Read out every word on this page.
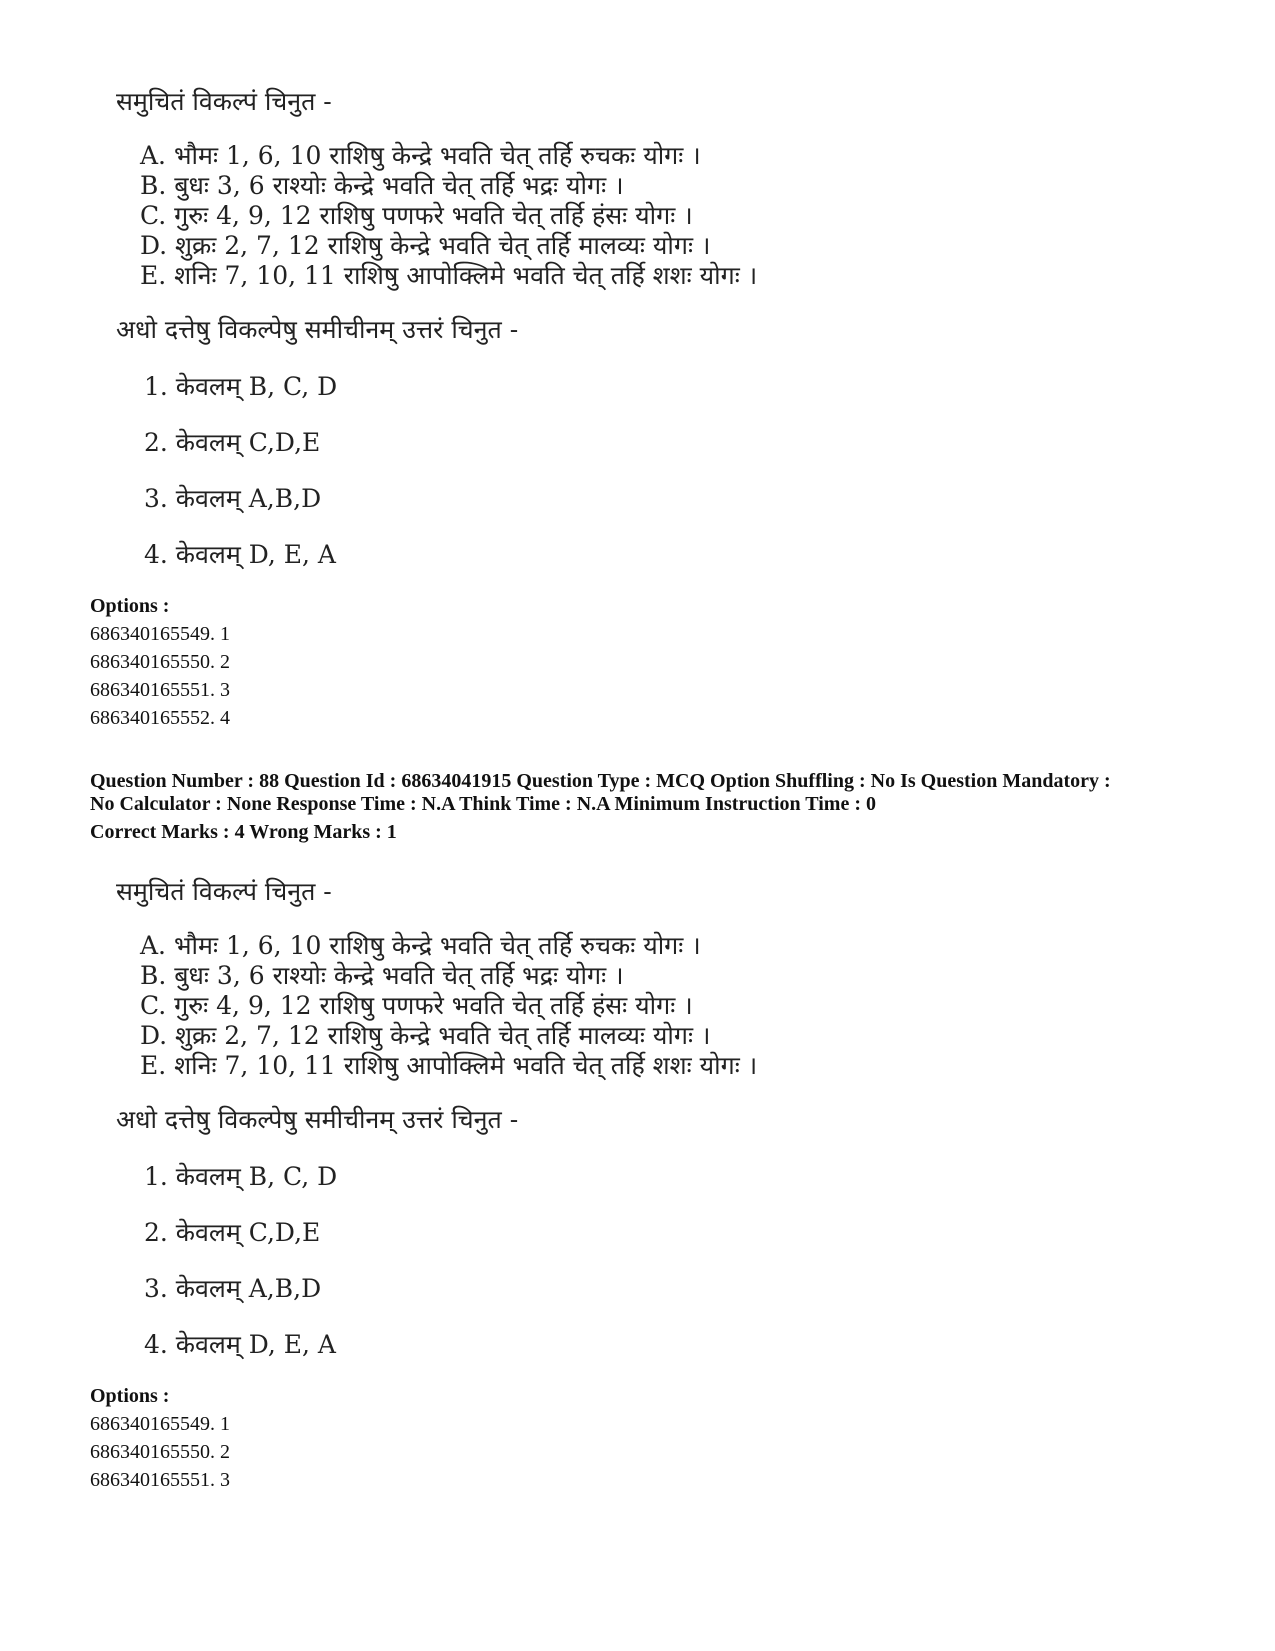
समुचितं विकल्पं चिनुत -
A. भौमः 1, 6, 10 राशिषु केन्द्रे भवति चेत् तर्हि रुचकः योगः ।
B. बुधः 3, 6 राश्योः केन्द्रे भवति चेत् तर्हि भद्रः योगः ।
C. गुरुः 4, 9, 12 राशिषु पणफरे भवति चेत् तर्हि हंसः योगः ।
D. शुक्रः 2, 7, 12 राशिषु केन्द्रे भवति चेत् तर्हि मालव्यः योगः ।
E. शनिः 7, 10, 11 राशिषु आपोक्लिमे भवति चेत् तर्हि शशः योगः ।
अधो दत्तेषु विकल्पेषु समीचीनम् उत्तरं चिनुत -
1. केवलम् B, C, D
2. केवलम् C,D,E
3. केवलम् A,B,D
4. केवलम् D, E, A
Options :
686340165549. 1
686340165550. 2
686340165551. 3
686340165552. 4
Question Number : 88 Question Id : 68634041915 Question Type : MCQ Option Shuffling : No Is Question Mandatory :
No Calculator : None Response Time : N.A Think Time : N.A Minimum Instruction Time : 0
Correct Marks : 4 Wrong Marks : 1
समुचितं विकल्पं चिनुत -
A. भौमः 1, 6, 10 राशिषु केन्द्रे भवति चेत् तर्हि रुचकः योगः ।
B. बुधः 3, 6 राश्योः केन्द्रे भवति चेत् तर्हि भद्रः योगः ।
C. गुरुः 4, 9, 12 राशिषु पणफरे भवति चेत् तर्हि हंसः योगः ।
D. शुक्रः 2, 7, 12 राशिषु केन्द्रे भवति चेत् तर्हि मालव्यः योगः ।
E. शनिः 7, 10, 11 राशिषु आपोक्लिमे भवति चेत् तर्हि शशः योगः ।
अधो दत्तेषु विकल्पेषु समीचीनम् उत्तरं चिनुत -
1. केवलम् B, C, D
2. केवलम् C,D,E
3. केवलम् A,B,D
4. केवलम् D, E, A
Options :
686340165549. 1
686340165550. 2
686340165551. 3
